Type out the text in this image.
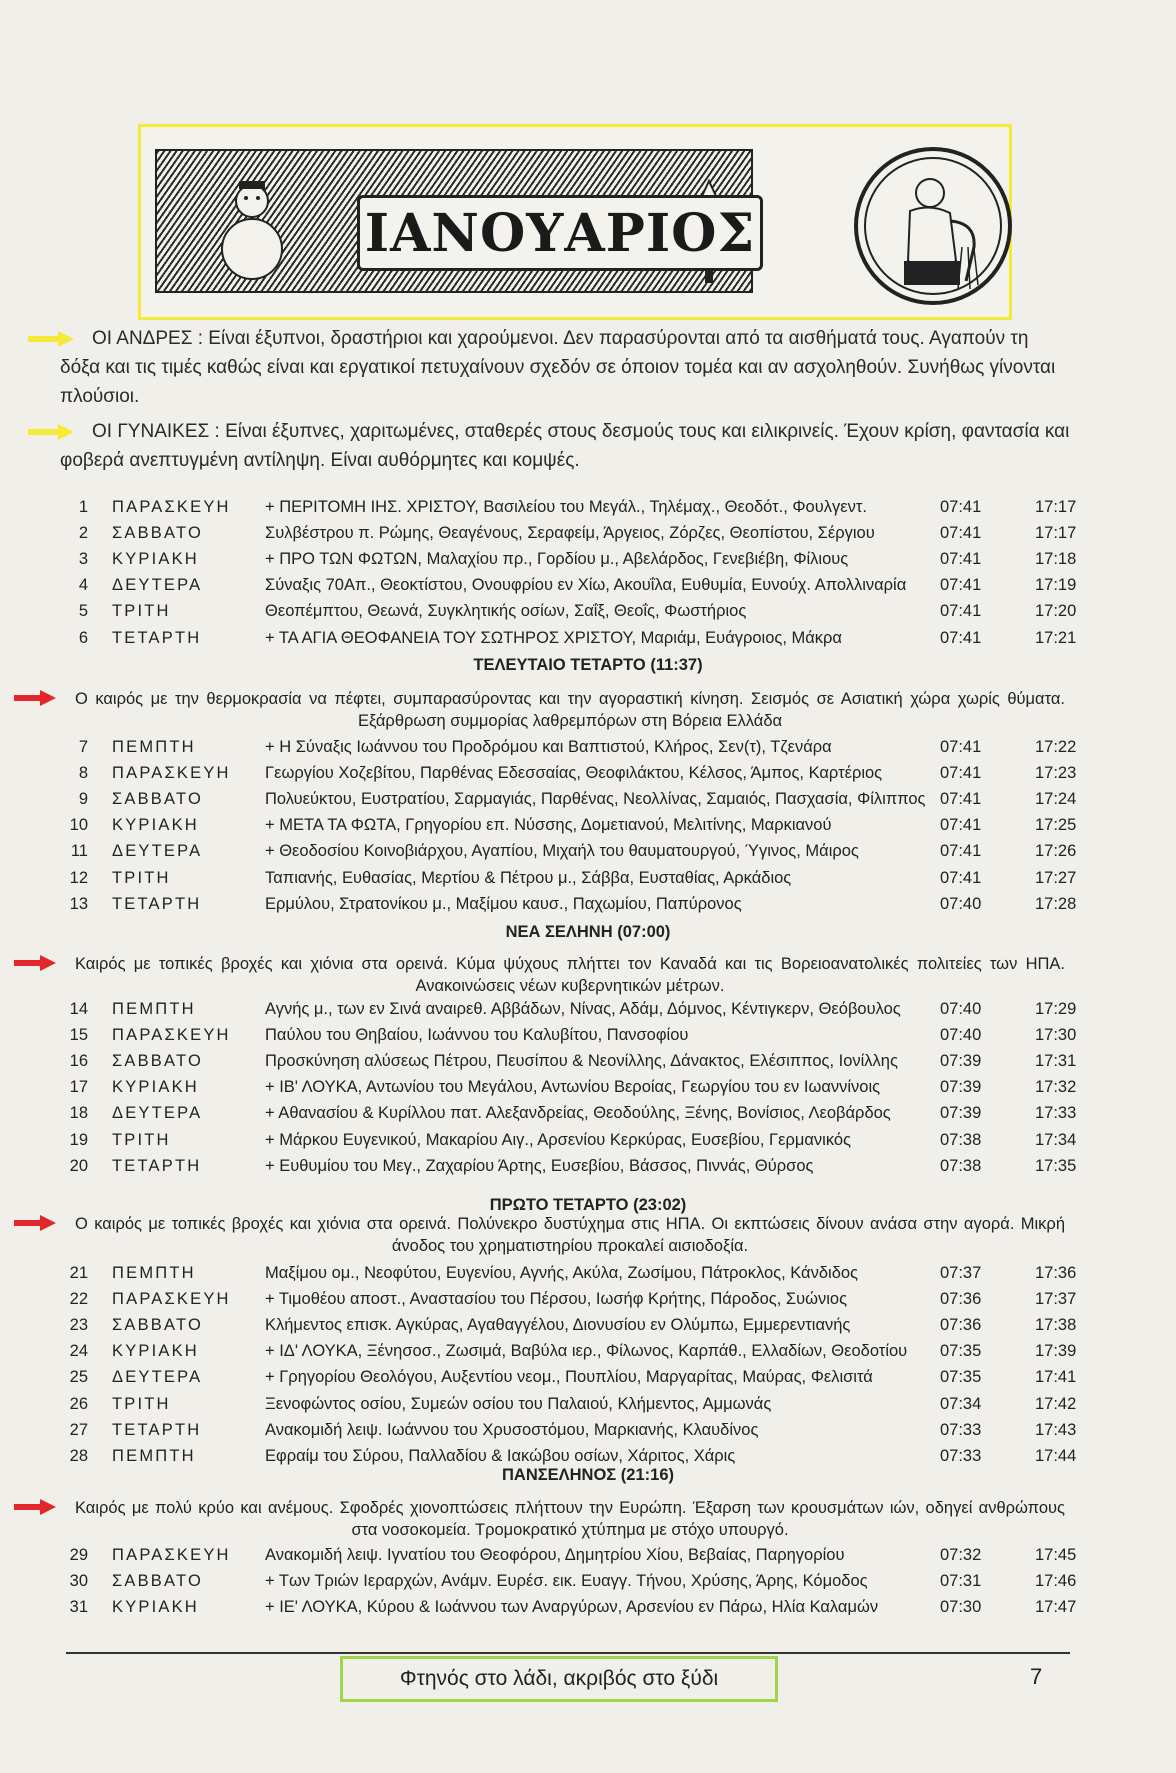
ΙΑΝΟΥΑΡΙΟΣ
ΟΙ ΑΝΔΡΕΣ : Είναι έξυπνοι, δραστήριοι και χαρούμενοι. Δεν παρασύρονται από τα αισθήματά τους. Αγαπούν τη δόξα και τις τιμές καθώς είναι και εργατικοί πετυχαίνουν σχεδόν σε όποιον τομέα και αν ασχοληθούν. Συνήθως γίνονται πλούσιοι.
ΟΙ ΓΥΝΑΙΚΕΣ : Είναι έξυπνες, χαριτωμένες, σταθερές στους δεσμούς τους και ειλικρινείς. Έχουν κρίση, φαντασία και φοβερά ανεπτυγμένη αντίληψη. Είναι αυθόρμητες και κομψές.
1 ΠΑΡΑΣΚΕΥΗ + ΠΕΡΙΤΟΜΗ ΙΗΣ. ΧΡΙΣΤΟΥ, Βασιλείου του Μεγάλ., Τηλέμαχ., Θεοδότ., Φουλγεντ.	07:41	17:17
2 ΣΑΒΒΑΤΟ	Συλβέστρου π. Ρώμης, Θεαγένους, Σεραφείμ, Άργειος, Ζόρζες, Θεοπίστου, Σέργιου	07:41	17:17
3 ΚΥΡΙΑΚΗ	+ ΠΡΟ ΤΩΝ ΦΩΤΩΝ, Μαλαχίου πρ., Γορδίου μ., Αβελάρδος, Γενεβιέβη, Φίλιους	07:41	17:18
4 ΔΕΥΤΕΡΑ	Σύναξις 70Απ., Θεοκτίστου, Ονουφρίου εν Χίω, Ακουΐλα, Ευθυμία, Ευνούχ. Απολλιναρία 07:41	17:19
5 ΤΡΙΤΗ	Θεοπέμπτου, Θεωνά, Συγκλητικής οσίων, Σαΐξ, Θεοΐς, Φωστήριος	07:41	17:20
6 ΤΕΤΑΡΤΗ	+ ΤΑ ΑΓΙΑ ΘΕΟΦΑΝΕΙΑ ΤΟΥ ΣΩΤΗΡΟΣ ΧΡΙΣΤΟΥ, Μαριάμ, Ευάγροιος, Μάκρα	07:41	17:21
ΤΕΛΕΥΤΑΙΟ ΤΕΤΑΡΤΟ (11:37)
Ο καιρός με την θερμοκρασία να πέφτει, συμπαρασύροντας και την αγοραστική κίνηση. Σεισμός σε Ασιατική χώρα χωρίς θύματα. Εξάρθρωση συμμορίας λαθρεμπόρων στη Βόρεια Ελλάδα
7 ΠΕΜΠΤΗ	+ Η Σύναξις Ιωάννου του Προδρόμου και Βαπτιστού, Κλήρος, Σεν(τ), Τζενάρα	07:41	17:22
8 ΠΑΡΑΣΚΕΥΗ Γεωργίου Χοζεβίτου, Παρθένας Εδεσσαίας, Θεοφιλάκτου, Κέλσος, Άμπος, Καρτέριος	07:41	17:23
9 ΣΑΒΒΑΤΟ	Πολυεύκτου, Ευστρατίου, Σαρμαγιάς, Παρθένας, Νεολλίνας, Σαμαιός, Πασχασία, Φίλιππος 07:41	17:24
10 ΚΥΡΙΑΚΗ	+ ΜΕΤΑ ΤΑ ΦΩΤΑ, Γρηγορίου επ. Νύσσης, Δομετιανού, Μελιτίνης, Μαρκιανού	07:41	17:25
11 ΔΕΥΤΕΡΑ	+ Θεοδοσίου Κοινοβιάρχου, Αγαπίου, Μιχαήλ του θαυματουργού, Ύγινος, Μάιρος	07:41	17:26
12 ΤΡΙΤΗ	Ταπιανής, Ευθασίας, Μερτίου & Πέτρου μ., Σάββα, Ευσταθίας, Αρκάδιος	07:41	17:27
13 ΤΕΤΑΡΤΗ	Ερμύλου, Στρατονίκου μ., Μαξίμου καυσ., Παχωμίου, Παπύρονος	07:40	17:28
ΝΕΑ ΣΕΛΗΝΗ (07:00)
Καιρός με τοπικές βροχές και χιόνια στα ορεινά. Κύμα ψύχους πλήττει τον Καναδά και τις Βορειοανατολικές πολιτείες των ΗΠΑ. Ανακοινώσεις νέων κυβερνητικών μέτρων.
14 ΠΕΜΠΤΗ	Αγνής μ., των εν Σινά αναιρεθ. Αββάδων, Νίνας, Αδάμ, Δόμνος, Κέντιγκερν, Θεόβουλος 07:40	17:29
15 ΠΑΡΑΣΚΕΥΗ Παύλου του Θηβαίου, Ιωάννου του Καλυβίτου, Πανσοφίου	07:40	17:30
16 ΣΑΒΒΑΤΟ	Προσκύνηση αλύσεως Πέτρου, Πευσίπου & Νεονίλλης, Δάνακτος, Ελέσιππος, Ιονίλλης	07:39	17:31
17 ΚΥΡΙΑΚΗ	+ ΙΒ' ΛΟΥΚΑ, Αντωνίου του Μεγάλου, Αντωνίου Βεροίας, Γεωργίου του εν Ιωαννίνοις	07:39	17:32
18 ΔΕΥΤΕΡΑ	+ Αθανασίου & Κυρίλλου πατ. Αλεξανδρείας, Θεοδούλης, Ξένης, Βονίσιος, Λεοβάρδος	07:39	17:33
19 ΤΡΙΤΗ	+ Μάρκου Ευγενικού, Μακαρίου Αιγ., Αρσενίου Κερκύρας, Ευσεβίου, Γερμανικός	07:38	17:34
20 ΤΕΤΑΡΤΗ	+ Ευθυμίου του Μεγ., Ζαχαρίου Άρτης, Ευσεβίου, Βάσσος, Πιννάς, Θύρσος	07:38	17:35
ΠΡΩΤΟ ΤΕΤΑΡΤΟ (23:02)
Ο καιρός με τοπικές βροχές και χιόνια στα ορεινά. Πολύνεκρο δυστύχημα στις ΗΠΑ. Οι εκπτώσεις δίνουν ανάσα στην αγορά. Μικρή άνοδος του χρηματιστηρίου προκαλεί αισιοδοξία.
21 ΠΕΜΠΤΗ	Μαξίμου ομ., Νεοφύτου, Ευγενίου, Αγνής, Ακύλα, Ζωσίμου, Πάτροκλος, Κάνδιδος	07:37	17:36
22 ΠΑΡΑΣΚΕΥΗ + Τιμοθέου αποστ., Αναστασίου του Πέρσου, Ιωσήφ Κρήτης, Πάροδος, Συώνιος	07:36	17:37
23 ΣΑΒΒΑΤΟ	Κλήμεντος επισκ. Αγκύρας, Αγαθαγγέλου, Διονυσίου εν Ολύμπω, Εμμερεντιανής	07:36	17:38
24 ΚΥΡΙΑΚΗ	+ ΙΔ' ΛΟΥΚΑ, Ξένησοσ., Ζωσιμά, Βαβύλα ιερ., Φίλωνος, Καρπάθ., Ελλαδίων, Θεοδοτίου 07:35	17:39
25 ΔΕΥΤΕΡΑ	+ Γρηγορίου Θεολόγου, Αυξεντίου νεομ., Πουπλίου, Μαργαρίτας, Μαύρας, Φελισιτά	07:35	17:41
26 ΤΡΙΤΗ	Ξενοφώντος οσίου, Συμεών οσίου του Παλαιού, Κλήμεντος, Αμμωνάς	07:34	17:42
27 ΤΕΤΑΡΤΗ	Ανακομιδή λειψ. Ιωάννου του Χρυσοστόμου, Μαρκιανής, Κλαυδίνος	07:33	17:43
28 ΠΕΜΠΤΗ	Εφραίμ του Σύρου, Παλλαδίου & Ιακώβου οσίων, Χάριτος, Χάρις	07:33	17:44
ΠΑΝΣΕΛΗΝΟΣ (21:16)
Καιρός με πολύ κρύο και ανέμους. Σφοδρές χιονοπτώσεις πλήττουν την Ευρώπη. Έξαρση των κρουσμάτων ιών, οδηγεί ανθρώπους στα νοσοκομεία. Τρομοκρατικό χτύπημα με στόχο υπουργό.
29 ΠΑΡΑΣΚΕΥΗ Ανακομιδή λειψ. Ιγνατίου του Θεοφόρου, Δημητρίου Χίου, Βεβαίας, Παρηγορίου	07:32	17:45
30 ΣΑΒΒΑΤΟ	+ Των Τριών Ιεραρχών, Ανάμν. Ευρέσ. εικ. Ευαγγ. Τήνου, Χρύσης, Άρης, Κόμοδος	07:31	17:46
31 ΚΥΡΙΑΚΗ	+ ΙΕ' ΛΟΥΚΑ, Κύρου & Ιωάννου των Αναργύρων, Αρσενίου εν Πάρω, Ηλία Καλαμών	07:30	17:47
Φτηνός στο λάδι, ακριβός στο ξύδι	7
